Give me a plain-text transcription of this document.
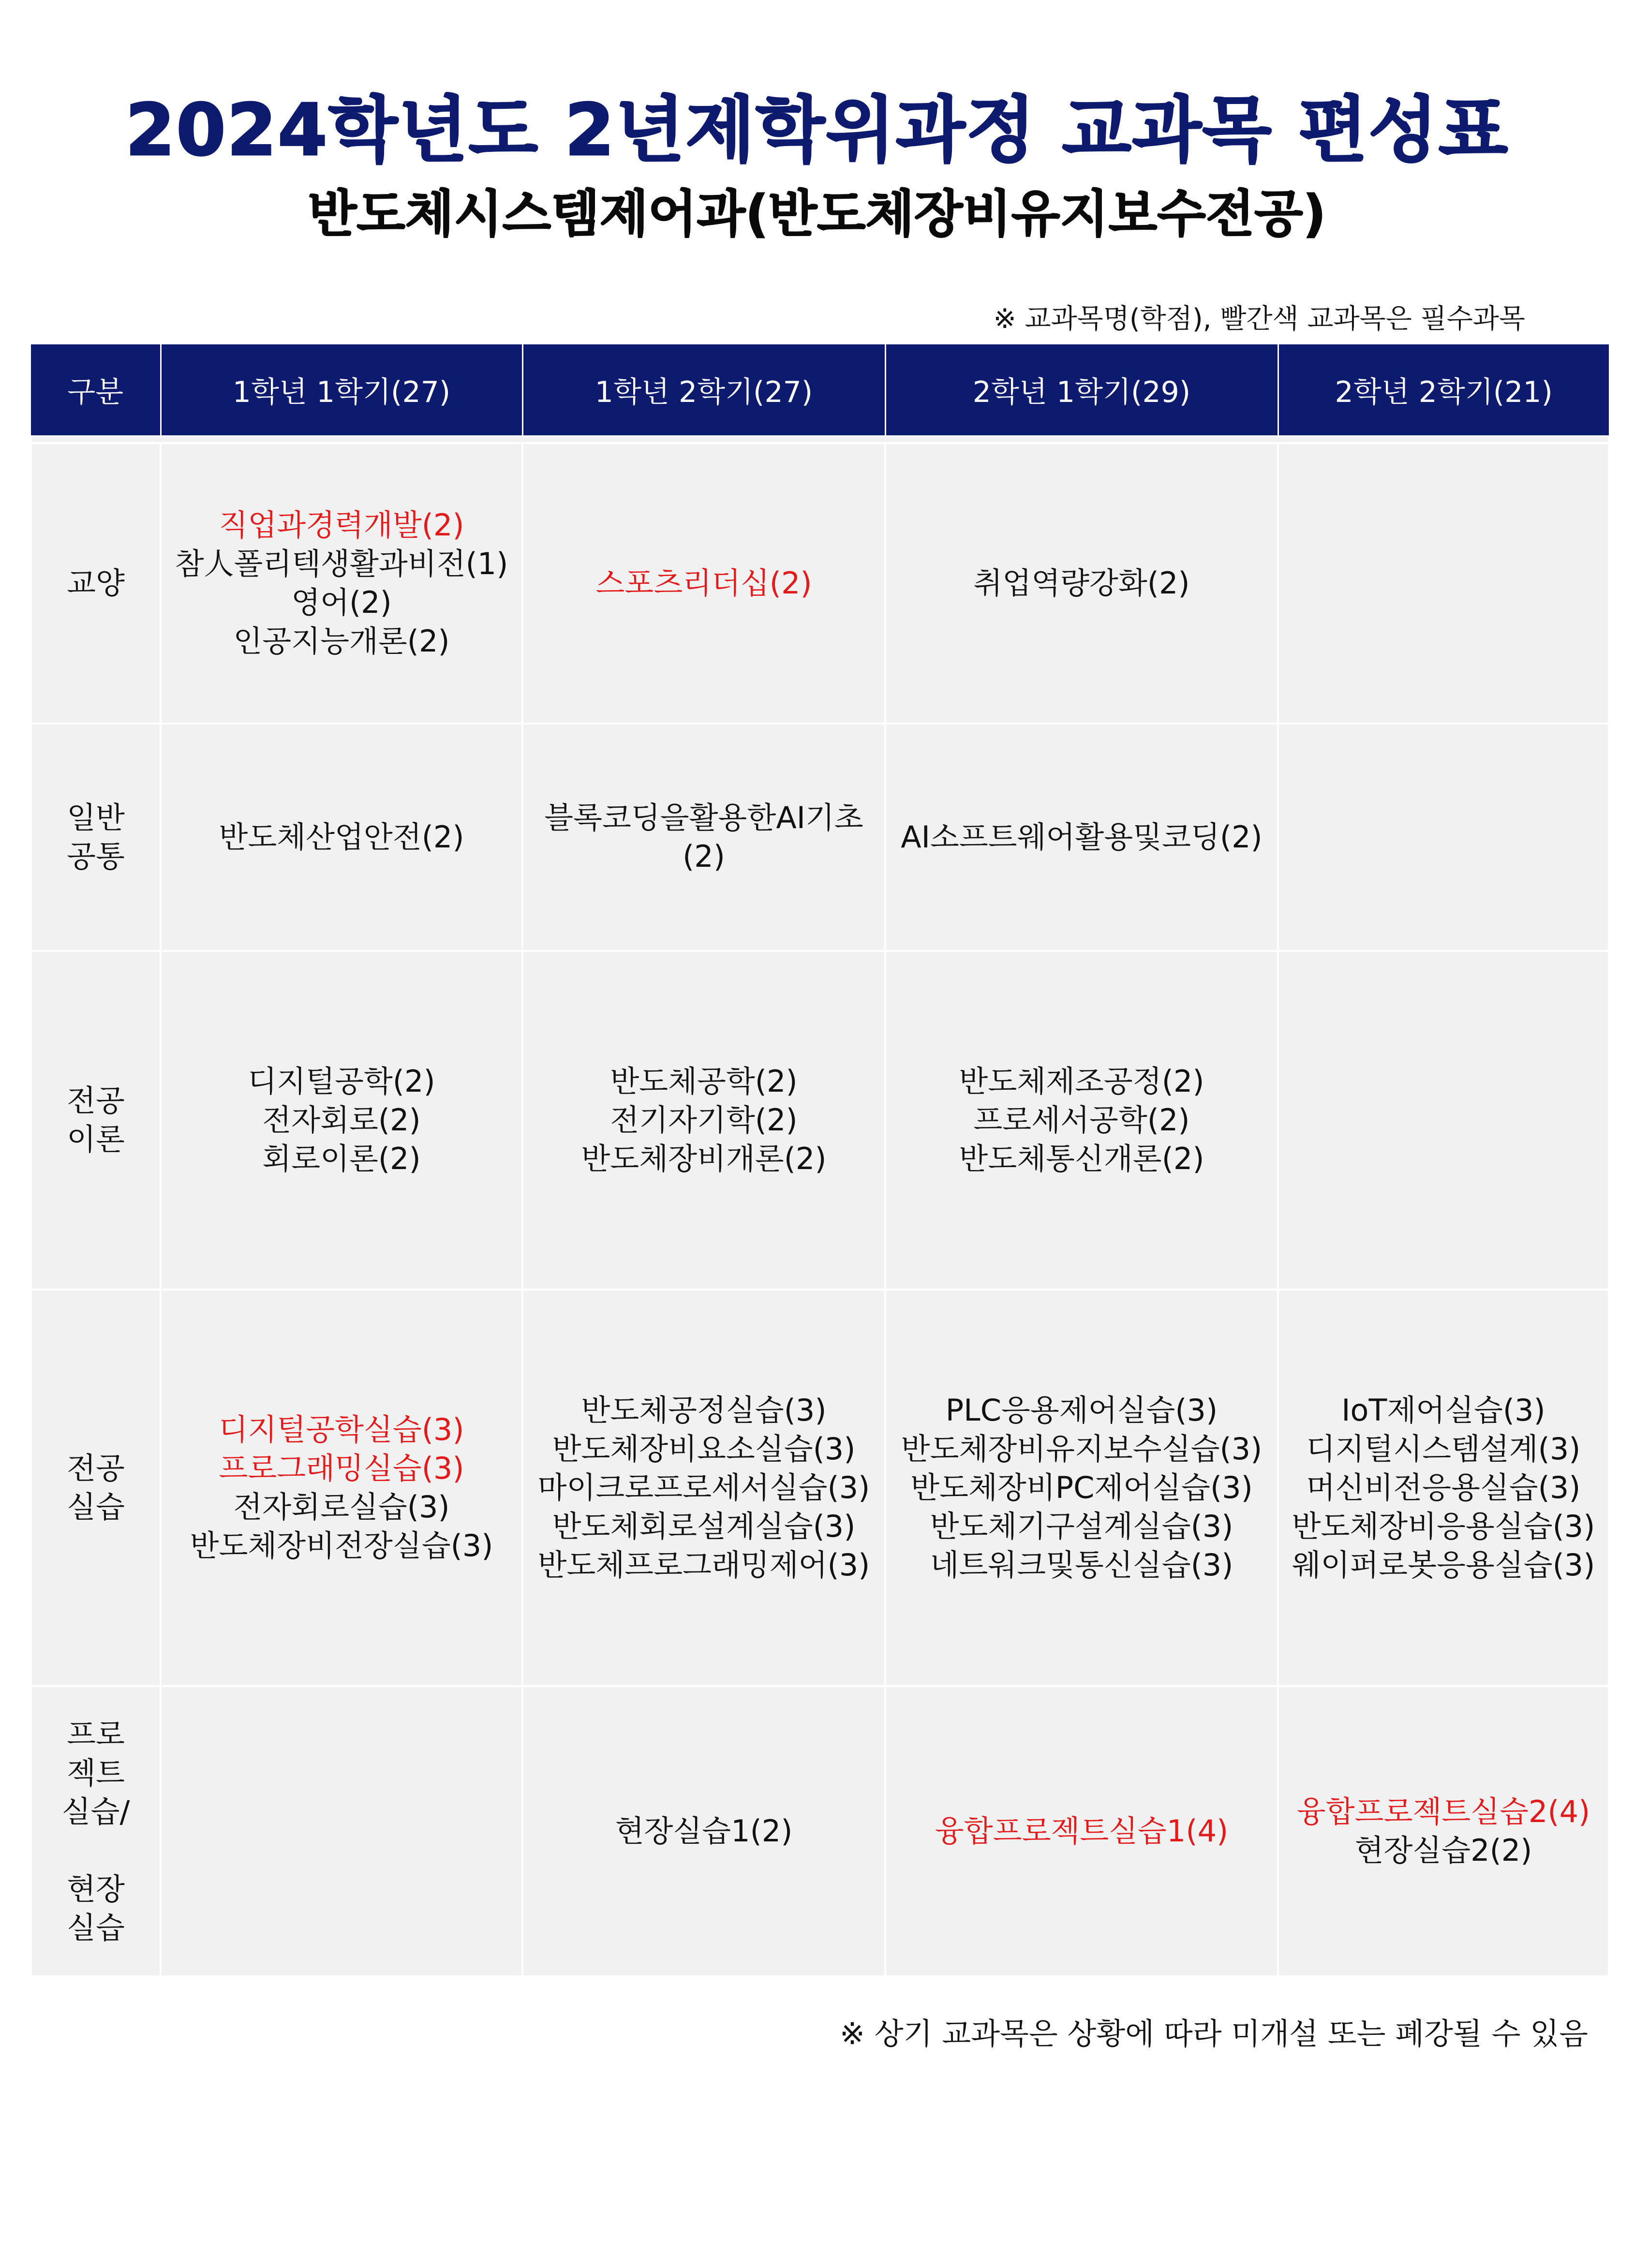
2024학년도 2년제학위과정 교과목 편성표
반도체시스템제어과(반도체장비유지보수전공)
※ 교과목명(학점), 빨간색 교과목은 필수과목
구분	1학년 1학기(27)	1학년 2학기(27)	2학년 1학기(29)	2학년 2학기(21)

교양	직업과경력개발(2)
참人폴리텍생활과비전(1)
영어(2)
인공지능개론(2)	스포츠리더십(2)	취업역량강화(2)	

일반
공통	반도체산업안전(2)	블록코딩을활용한AI기초
(2)	AI소프트웨어활용및코딩(2)	

전공
이론	디지털공학(2)
전자회로(2)
회로이론(2)	반도체공학(2)
전기자기학(2)
반도체장비개론(2)	반도체제조공정(2)
프로세서공학(2)
반도체통신개론(2)	

전공
실습	디지털공학실습(3)
프로그래밍실습(3)
전자회로실습(3)
반도체장비전장실습(3)	반도체공정실습(3)
반도체장비요소실습(3)
마이크로프로세서실습(3)
반도체회로설계실습(3)
반도체프로그래밍제어(3)	PLC응용제어실습(3)
반도체장비유지보수실습(3)
반도체장비PC제어실습(3)
반도체기구설계실습(3)
네트워크및통신실습(3)	IoT제어실습(3)
디지털시스템설계(3)
머신비전응용실습(3)
반도체장비응용실습(3)
웨이퍼로봇응용실습(3)

프로
젝트
실습/

현장
실습		현장실습1(2)	융합프로젝트실습1(4)	융합프로젝트실습2(4)
현장실습2(2)
※ 상기 교과목은 상황에 따라 미개설 또는 폐강될 수 있음
